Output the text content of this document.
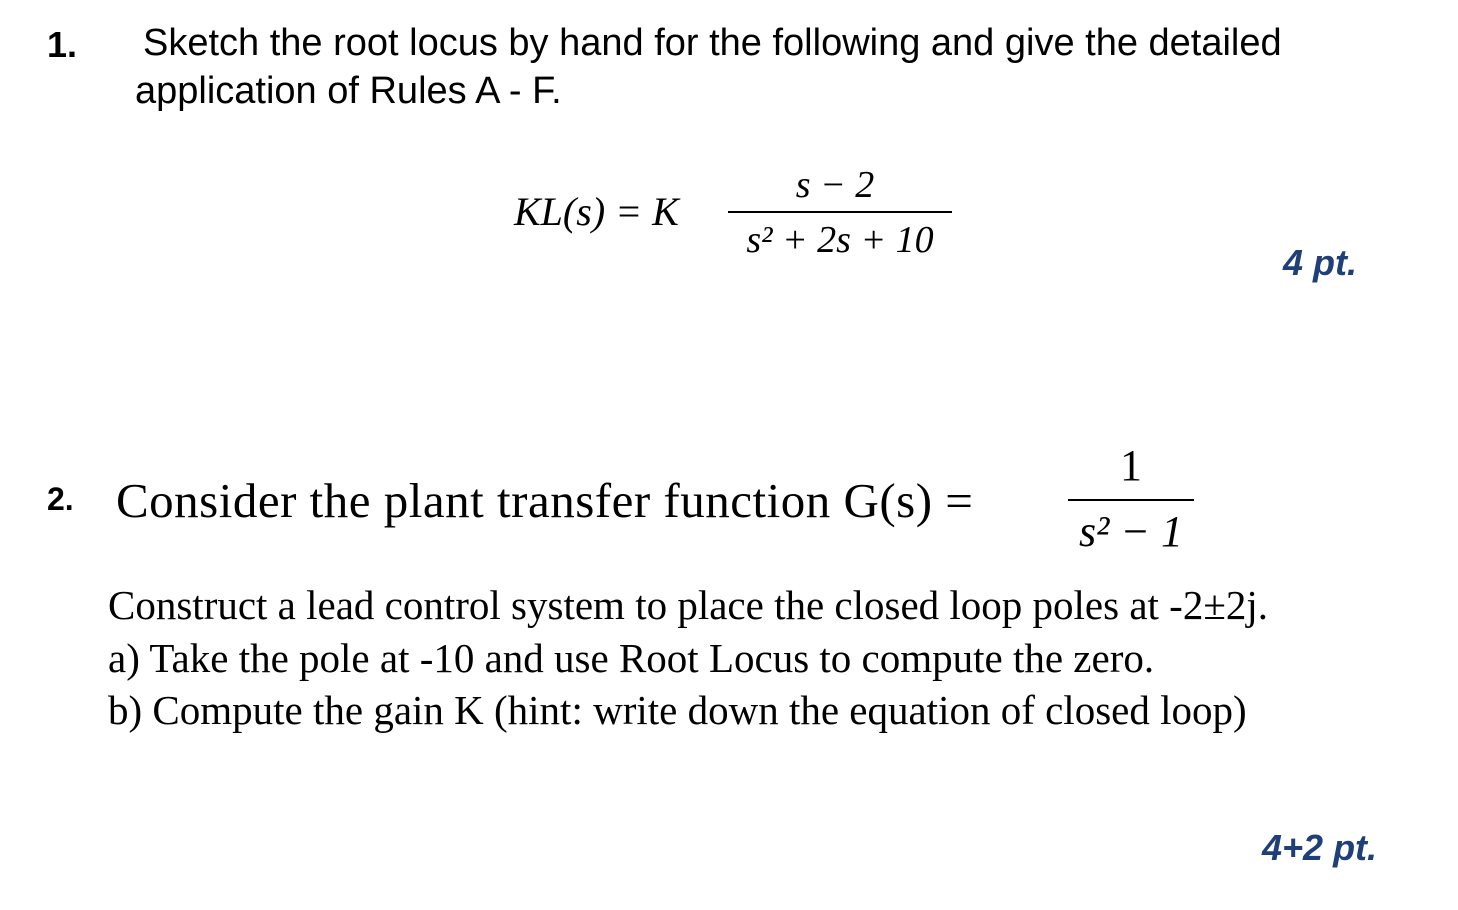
1. Sketch the root locus by hand for the following and give the detailed
application of Rules A - F.
KL(s) = K
s − 2
s² + 2s + 10
4 pt.
2. Consider the plant transfer function G(s) =
1
s² − 1
Construct a lead control system to place the closed loop poles at -2±2j.
a) Take the pole at -10 and use Root Locus to compute the zero.
b) Compute the gain K (hint: write down the equation of closed loop)
4+2 pt.
